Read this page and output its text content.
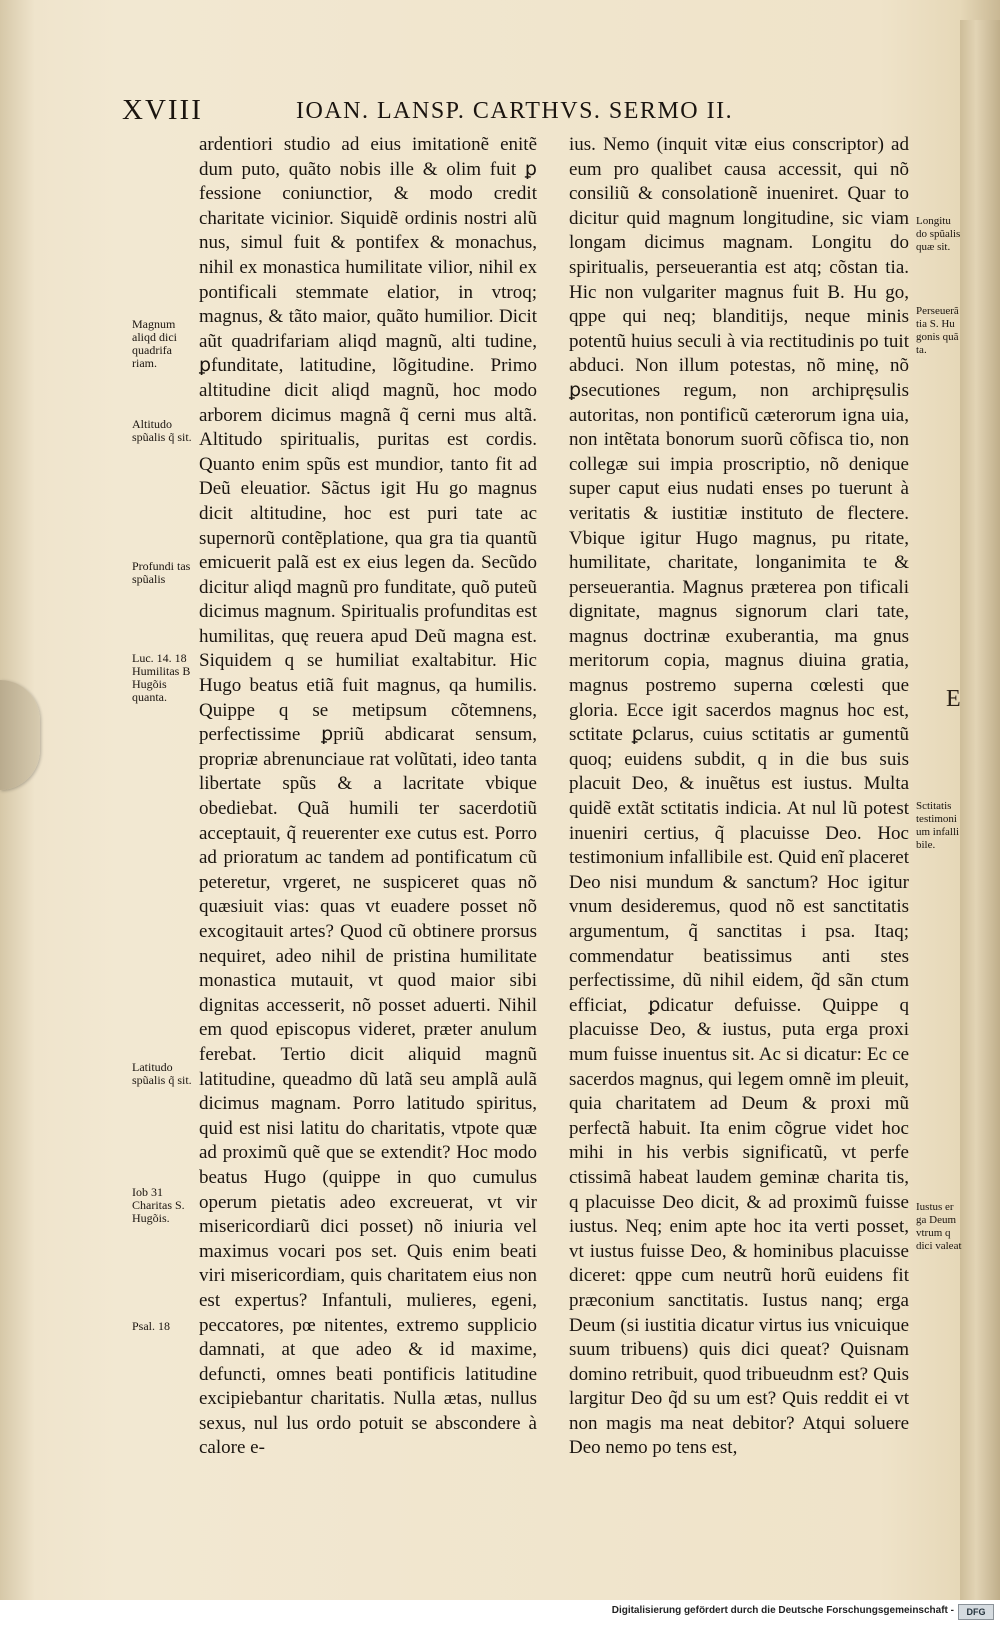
XVIII	IOAN. LANSP. CARTHVS. SERMO II.

ardentiori studio ad eius imitationẽ enitẽ dum puto, quãto nobis ille & olim fuit ꝑ fessione coniunctior, & modo credit charitate vicinior. Siquidẽ ordinis nostri alũ nus, simul fuit & pontifex & monachus, nihil ex monastica humilitate vilior, nihil ex pontificali stemmate elatior, in vtroq; magnus, & tãto maior, quãto humilior. Dicit aũt quadrifariam aliqd magnũ, alti tudine, ꝑfunditate, latitudine, lõgitudine. Primo altitudine dicit aliqd magnũ, hoc modo arborem dicimus magnã q̃ cerni mus altã. Altitudo spiritualis, puritas est cordis. Quanto enim spũs est mundior, tanto fit ad Deũ eleuatior. Sãctus igit Hu go magnus dicit altitudine, hoc est puri tate ac supernorũ contẽplatione, qua gra tia quantũ emicuerit palã est ex eius legen da. Secũdo dicitur aliqd magnũ pro funditate, quõ puteũ dicimus magnum. Spiritualis profunditas est humilitas, quę reuera apud Deũ magna est. Siquidem q se humiliat exaltabitur. Hic Hugo beatus etiã fuit magnus, qa humilis. Quippe q se metipsum cõtemnens, perfectissime ꝑpriũ abdicarat sensum, propriæ abrenunciaue rat volũtati, ideo tanta libertate spũs & a lacritate vbique obediebat. Quã humili ter sacerdotiũ acceptauit, q̃ reuerenter exe cutus est. Porro ad prioratum ac tandem ad pontificatum cũ peteretur, vrgeret, ne suspiceret quas nõ quæsiuit vias: quas vt euadere posset nõ excogitauit artes? Quod cũ obtinere prorsus nequiret, adeo nihil de pristina humilitate monastica mutauit, vt quod maior sibi dignitas accesserit, nõ posset aduerti. Nihil em quod episcopus videret, præter anulum ferebat. Tertio dicit aliquid magnũ latitudine, queadmo dũ latã seu amplã aulã dicimus magnam. Porro latitudo spiritus, quid est nisi latitu do charitatis, vtpote quæ ad proximũ quẽ que se extendit? Hoc modo beatus Hugo (quippe in quo cumulus operum pietatis adeo excreuerat, vt vir misericordiarũ dici posset) nõ iniuria vel maximus vocari pos set. Quis enim beati viri misericordiam, quis charitatem eius non est expertus? Infantuli, mulieres, egeni, peccatores, pœ nitentes, extremo supplicio damnati, at que adeo & id maxime, defuncti, omnes beati pontificis latitudine excipiebantur charitatis. Nulla ætas, nullus sexus, nul lus ordo potuit se abscondere à calore e-

ius. Nemo (inquit vitæ eius conscriptor) ad eum pro qualibet causa accessit, qui nõ consiliũ & consolationẽ inueniret. Quar to dicitur quid magnum longitudine, sic viam longam dicimus magnam. Longitu do spiritualis, perseuerantia est atq; cõstan tia. Hic non vulgariter magnus fuit B. Hu go, qppe qui neq; blanditijs, neque minis potentũ huius seculi à via rectitudinis po tuit abduci. Non illum potestas, nõ minę, nõ ꝑsecutiones regum, non archipręsulis autoritas, non pontificũ cæterorum igna uia, non intẽtata bonorum suorũ cõfisca tio, non collegæ sui impia proscriptio, nõ denique super caput eius nudati enses po tuerunt à veritatis & iustitiæ instituto de flectere. Vbique igitur Hugo magnus, pu ritate, humilitate, charitate, longanimita te & perseuerantia. Magnus præterea pon tificali dignitate, magnus signorum clari tate, magnus doctrinæ exuberantia, ma gnus meritorum copia, magnus diuina gratia, magnus postremo superna cœlesti que gloria. Ecce igit sacerdos magnus hoc est, sctitate ꝑclarus, cuius sctitatis ar gumentũ quoq; euidens subdit, q in die bus suis placuit Deo, & inuẽtus est iustus. Multa quidẽ extãt sctitatis indicia. At nul lũ potest inueniri certius, q̃ placuisse Deo. Hoc testimonium infallibile est. Quid enĩ placeret Deo nisi mundum & sanctum? Hoc igitur vnum desideremus, quod nõ est sanctitatis argumentum, q̃ sanctitas i psa. Itaq; commendatur beatissimus anti stes perfectissime, dũ nihil eidem, q̃d sãn ctum efficiat, ꝑdicatur defuisse. Quippe q placuisse Deo, & iustus, puta erga proxi mum fuisse inuentus sit. Ac si dicatur: Ec ce sacerdos magnus, qui legem omnẽ im pleuit, quia charitatem ad Deum & proxi mũ perfectã habuit. Ita enim cõgrue videt hoc mihi in his verbis significatũ, vt perfe ctissimã habeat laudem geminæ charita tis, q placuisse Deo dicit, & ad proximũ fuisse iustus. Neq; enim apte hoc ita verti posset, vt iustus fuisse Deo, & hominibus placuisse diceret: qppe cum neutrũ horũ euidens fit præconium sanctitatis. Iustus nanq; erga Deum (si iustitia dicatur virtus ius vnicuique suum tribuens) quis dici queat? Quisnam domino retribuit, quod tribueudnm est? Quis largitur Deo q̃d su um est? Quis reddit ei vt non magis ma neat debitor? Atqui soluere Deo nemo po tens est,

Magnum aliqd dici quadrifa riam.
Altitudo spũalis q̃ sit.
Profundi tas spũalis
Luc. 14. 18 Humilitas B Hugõis quanta.
Latitudo spũalis q̃ sit.
Iob 31 Charitas S. Hugõis.
Psal. 18
Longitu do spũalis quæ sit.
Perseuerã tia S. Hu gonis quã ta.
Sctitatis testimoni um infalli bile.
Iustus er ga Deum vtrum q dici valeat
E
Digitalisierung gefördert durch die Deutsche Forschungsgemeinschaft -	DFG
